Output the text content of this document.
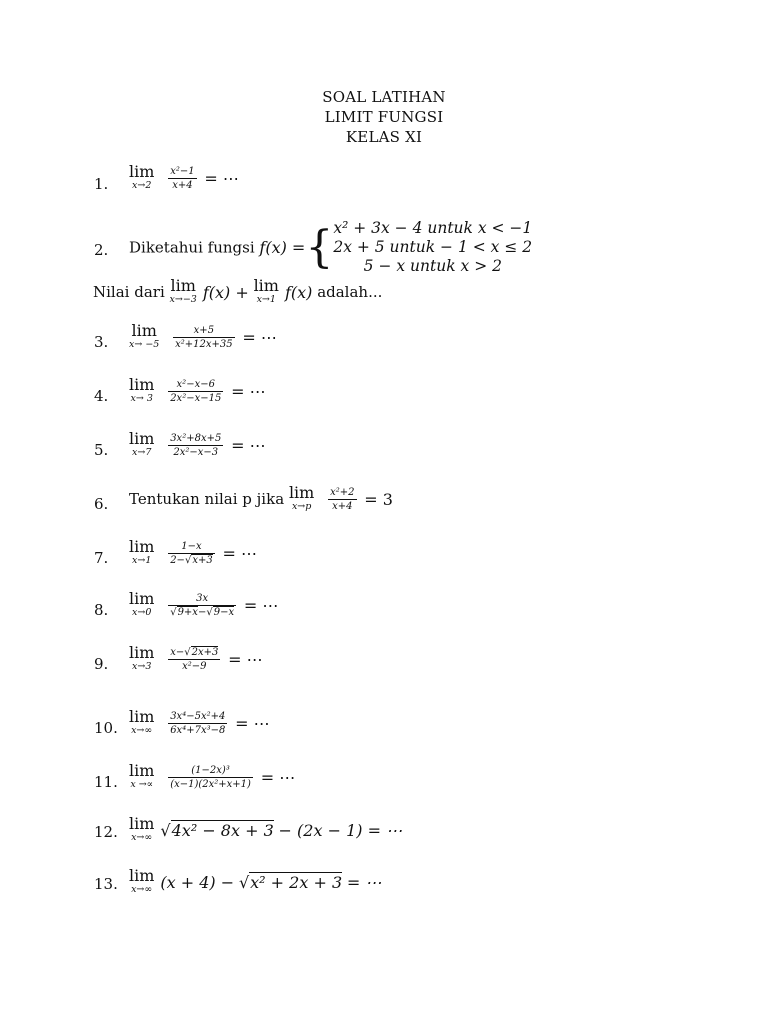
SOAL LATIHAN
LIMIT FUNGSI
KELAS XI
1.
lim
x→2
	$\frac{\text{x²−1}}{x+4}$ = ⋯
2. Diketahui fungsi f(x) ={ x² + 3x − 4 untuk x < −1
2x + 5 untuk − 1 < x ≤ 2
5 − x untuk x > 2
Nilai dari lim
x→−3 f(x) + lim
x→1 f(x) adalah...
3.
lim
x→ −5
$\frac{x+5}{\text{x²+12x+35}}$ = ⋯
4.
lim
x→ 3
$\frac{\text{x²−x−6}}{\text{2x²−x−15}}$ = ⋯
5.
lim
x→7
	$\frac{\text{3x²+8x+5}}{\text{2x²−x−3}}$ = ⋯
6. Tentukan nilai p jika lim
x→p
	$\frac{\text{x²+2}}{x+4} = 3$
7.
lim
x→1
	$\frac{1-x}{2-√x+3}$ = ⋯
8.
lim
x→0
	$\frac{3x}{√9+x-√9-x}$ = ⋯
9.
lim
x→3
	$\frac{x-√2x+3}{\text{x²−9}}$ = ⋯
10.
lim
x→∞
$\frac{\text{3x⁴−5x²+4}}{\text{6x⁴+7x³−8}}$ = ⋯
11.
lim
x →∝
$\frac{\text{(1−2x)³}}{\text{(x−1)(2x²+x+1)}}$ = ⋯
12. lim
x→∞ √4x² − 8x + 3 − (2x − 1) = ⋯
13. lim
x→∞ (x + 4) − √x² + 2x + 3 = ⋯
